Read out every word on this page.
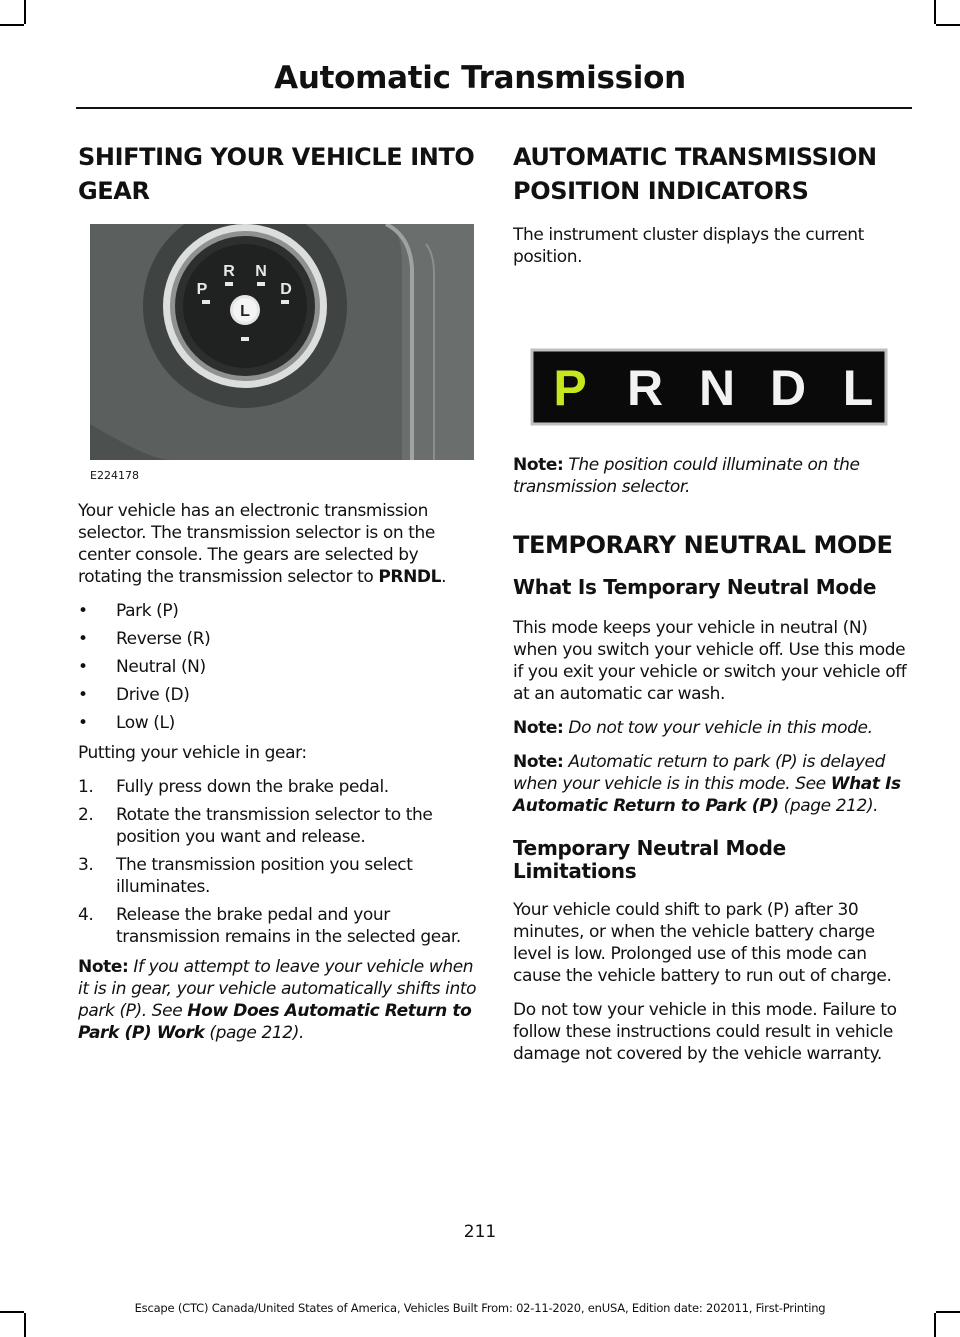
Automatic Transmission
SHIFTING YOUR VEHICLE INTO GEAR
P
R N
D
L
E224178

Your vehicle has an electronic transmission selector. The transmission selector is on the center console. The gears are selected by rotating the transmission selector to PRNDL.

• Park (P)
• Reverse (R)
• Neutral (N)
• Drive (D)
• Low (L)

Putting your vehicle in gear:

1. Fully press down the brake pedal.
2. Rotate the transmission selector to the position you want and release.
3. The transmission position you select illuminates.
4. Release the brake pedal and your transmission remains in the selected gear.

Note: If you attempt to leave your vehicle when it is in gear, your vehicle automatically shifts into park (P). See How Does Automatic Return to Park (P) Work (page 212).

AUTOMATIC TRANSMISSION POSITION INDICATORS

The instrument cluster displays the current position.

P R N D L

Note: The position could illuminate on the transmission selector.

TEMPORARY NEUTRAL MODE
What Is Temporary Neutral Mode

This mode keeps your vehicle in neutral (N) when you switch your vehicle off. Use this mode if you exit your vehicle or switch your vehicle off at an automatic car wash.

Note: Do not tow your vehicle in this mode.

Note: Automatic return to park (P) is delayed when your vehicle is in this mode. See What Is Automatic Return to Park (P) (page 212).

Temporary Neutral Mode Limitations

Your vehicle could shift to park (P) after 30 minutes, or when the vehicle battery charge level is low. Prolonged use of this mode can cause the vehicle battery to run out of charge.

Do not tow your vehicle in this mode. Failure to follow these instructions could result in vehicle damage not covered by the vehicle warranty.

211
Escape (CTC) Canada/United States of America, Vehicles Built From: 02-11-2020, enUSA, Edition date: 202011, First-Printing
